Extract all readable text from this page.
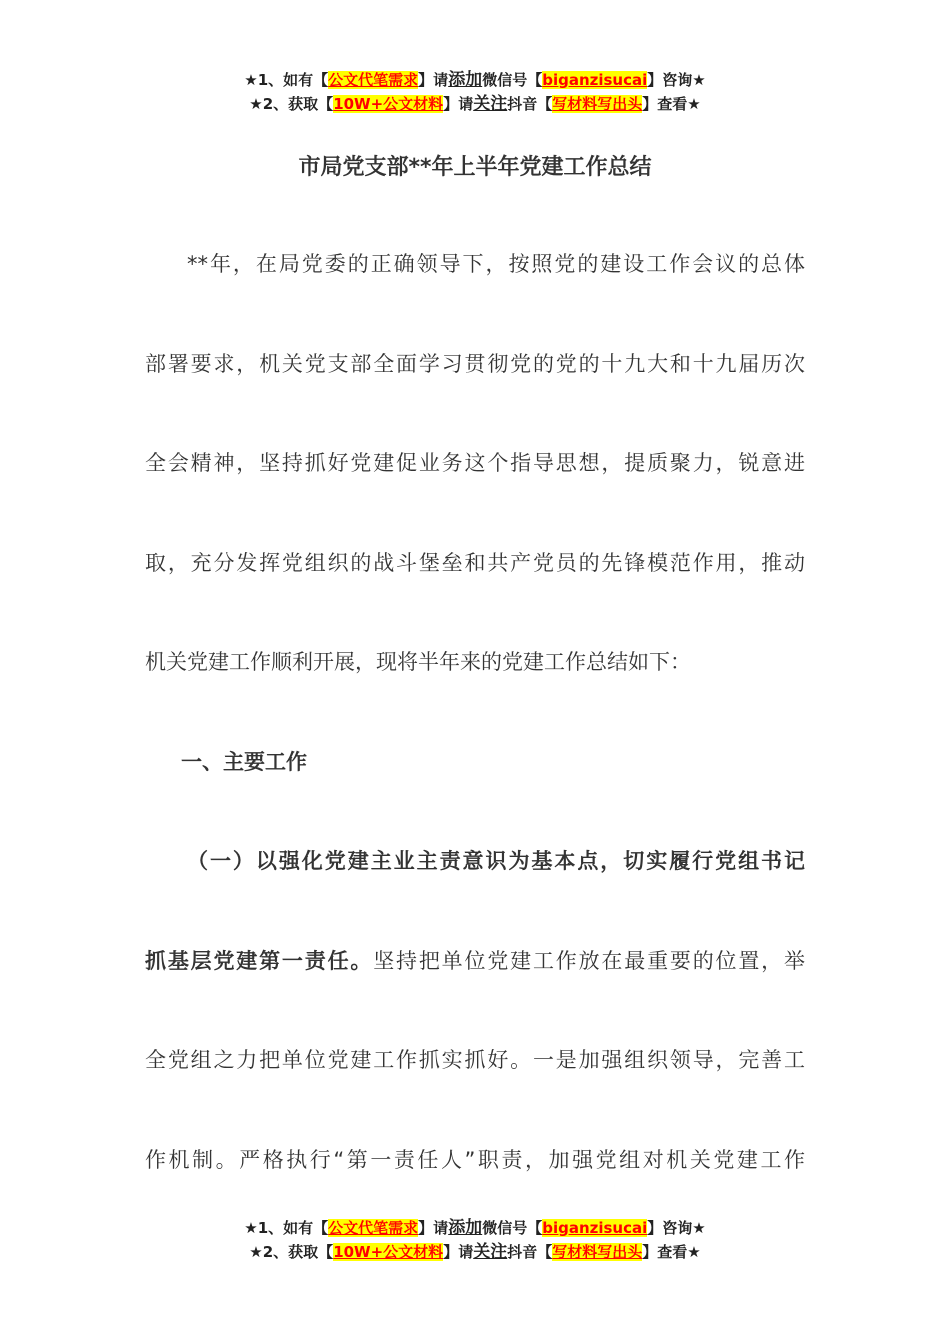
★1、如有【公文代笔需求】请添加微信号【biganzisucai】咨询★
★2、获取【10W+公文材料】请关注抖音【写材料写出头】查看★
市局党支部**年上半年党建工作总结
**年，在局党委的正确领导下，按照党的建设工作会议的总体
部署要求，机关党支部全面学习贯彻党的党的十九大和十九届历次
全会精神，坚持抓好党建促业务这个指导思想，提质聚力，锐意进
取，充分发挥党组织的战斗堡垒和共产党员的先锋模范作用，推动
机关党建工作顺利开展，现将半年来的党建工作总结如下：
一、主要工作
（一）以强化党建主业主责意识为基本点，切实履行党组书记
抓基层党建第一责任。坚持把单位党建工作放在最重要的位置，举
全党组之力把单位党建工作抓实抓好。一是加强组织领导，完善工
作机制。严格执行“第一责任人”职责，加强党组对机关党建工作
★1、如有【公文代笔需求】请添加微信号【biganzisucai】咨询★
★2、获取【10W+公文材料】请关注抖音【写材料写出头】查看★
